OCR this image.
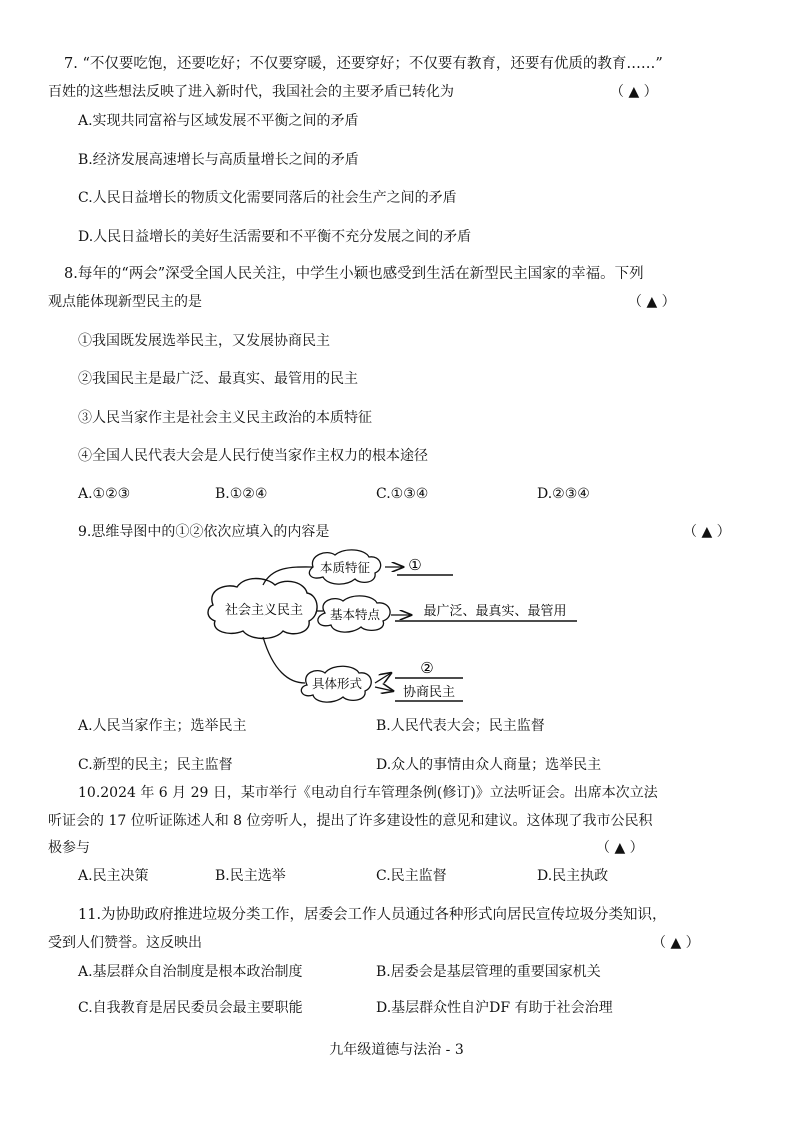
7. “不仅要吃饱，还要吃好；不仅要穿暖，还要穿好；不仅要有教育，还要有优质的教育……”
百姓的这些想法反映了进入新时代，我国社会的主要矛盾已转化为	（ ▲ ）
A.实现共同富裕与区域发展不平衡之间的矛盾
B.经济发展高速增长与高质量增长之间的矛盾
C.人民日益增长的物质文化需要同落后的社会生产之间的矛盾
D.人民日益增长的美好生活需要和不平衡不充分发展之间的矛盾
8.每年的“两会”深受全国人民关注，中学生小颖也感受到生活在新型民主国家的幸福。下列
观点能体现新型民主的是	（ ▲ ）
①我国既发展选举民主，又发展协商民主
②我国民主是最广泛、最真实、最管用的民主
③人民当家作主是社会主义民主政治的本质特征
④全国人民代表大会是人民行使当家作主权力的根本途径
A.①②③	B.①②④	C.①③④	D.②③④
9.思维导图中的①②依次应填入的内容是	（ ▲ ）
社会主义民主
本质特征	①
基本特点	最广泛、最真实、最管用
具体形式
②
协商民主
A.人民当家作主；选举民主	B.人民代表大会；民主监督
C.新型的民主；民主监督	D.众人的事情由众人商量；选举民主
10.2024 年 6 月 29 日，某市举行《电动自行车管理条例(修订)》立法听证会。出席本次立法
听证会的 17 位听证陈述人和 8 位旁听人，提出了许多建设性的意见和建议。这体现了我市公民积
极参与	（ ▲ ）
A.民主决策	B.民主选举	C.民主监督	D.民主执政
11.为协助政府推进垃圾分类工作，居委会工作人员通过各种形式向居民宣传垃圾分类知识，
受到人们赞誉。这反映出	（ ▲ ）
A.基层群众自治制度是根本政治制度	B.居委会是基层管理的重要国家机关
C.自我教育是居民委员会最主要职能	D.基层群众性自沪DF 有助于社会治理
九年级道德与法治 - 3
